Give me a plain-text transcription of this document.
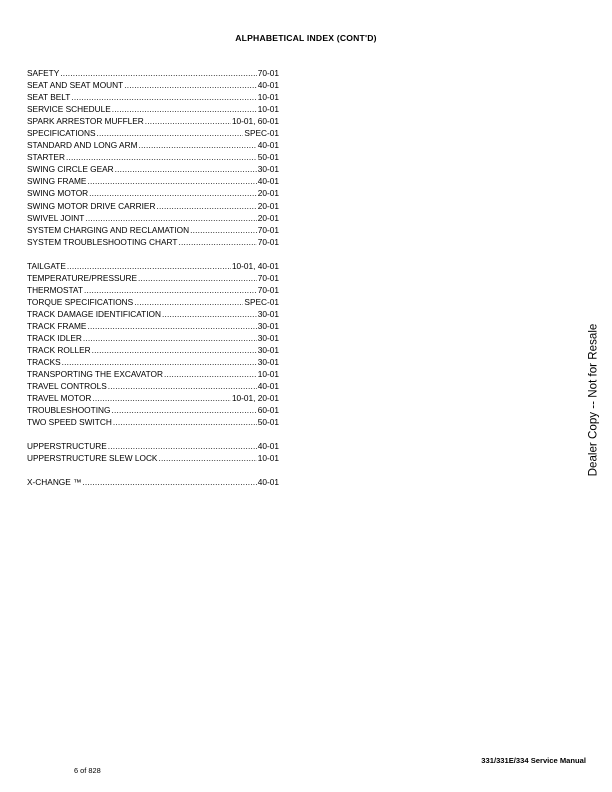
ALPHABETICAL INDEX (CONT'D)
SAFETY .....	70-01
SEAT AND SEAT MOUNT .....	40-01
SEAT BELT .....	10-01
SERVICE SCHEDULE .....	10-01
SPARK ARRESTOR MUFFLER .....	10-01, 60-01
SPECIFICATIONS .....	SPEC-01
STANDARD AND LONG ARM .....	40-01
STARTER .....	50-01
SWING CIRCLE GEAR .....	30-01
SWING FRAME .....	40-01
SWING MOTOR .....	20-01
SWING MOTOR DRIVE CARRIER .....	20-01
SWIVEL JOINT .....	20-01
SYSTEM CHARGING AND RECLAMATION .....	70-01
SYSTEM TROUBLESHOOTING CHART .....	70-01
TAILGATE .....	10-01, 40-01
TEMPERATURE/PRESSURE .....	70-01
THERMOSTAT .....	70-01
TORQUE SPECIFICATIONS .....	SPEC-01
TRACK DAMAGE IDENTIFICATION .....	30-01
TRACK FRAME .....	30-01
TRACK IDLER .....	30-01
TRACK ROLLER .....	30-01
TRACKS .....	30-01
TRANSPORTING THE EXCAVATOR .....	10-01
TRAVEL CONTROLS .....	40-01
TRAVEL MOTOR .....	10-01, 20-01
TROUBLESHOOTING .....	60-01
TWO SPEED SWITCH .....	50-01
UPPERSTRUCTURE .....	40-01
UPPERSTRUCTURE SLEW LOCK .....	10-01
X-CHANGE ™ .....	40-01
Dealer Copy -- Not for Resale
331/331E/334 Service Manual
6 of 828
